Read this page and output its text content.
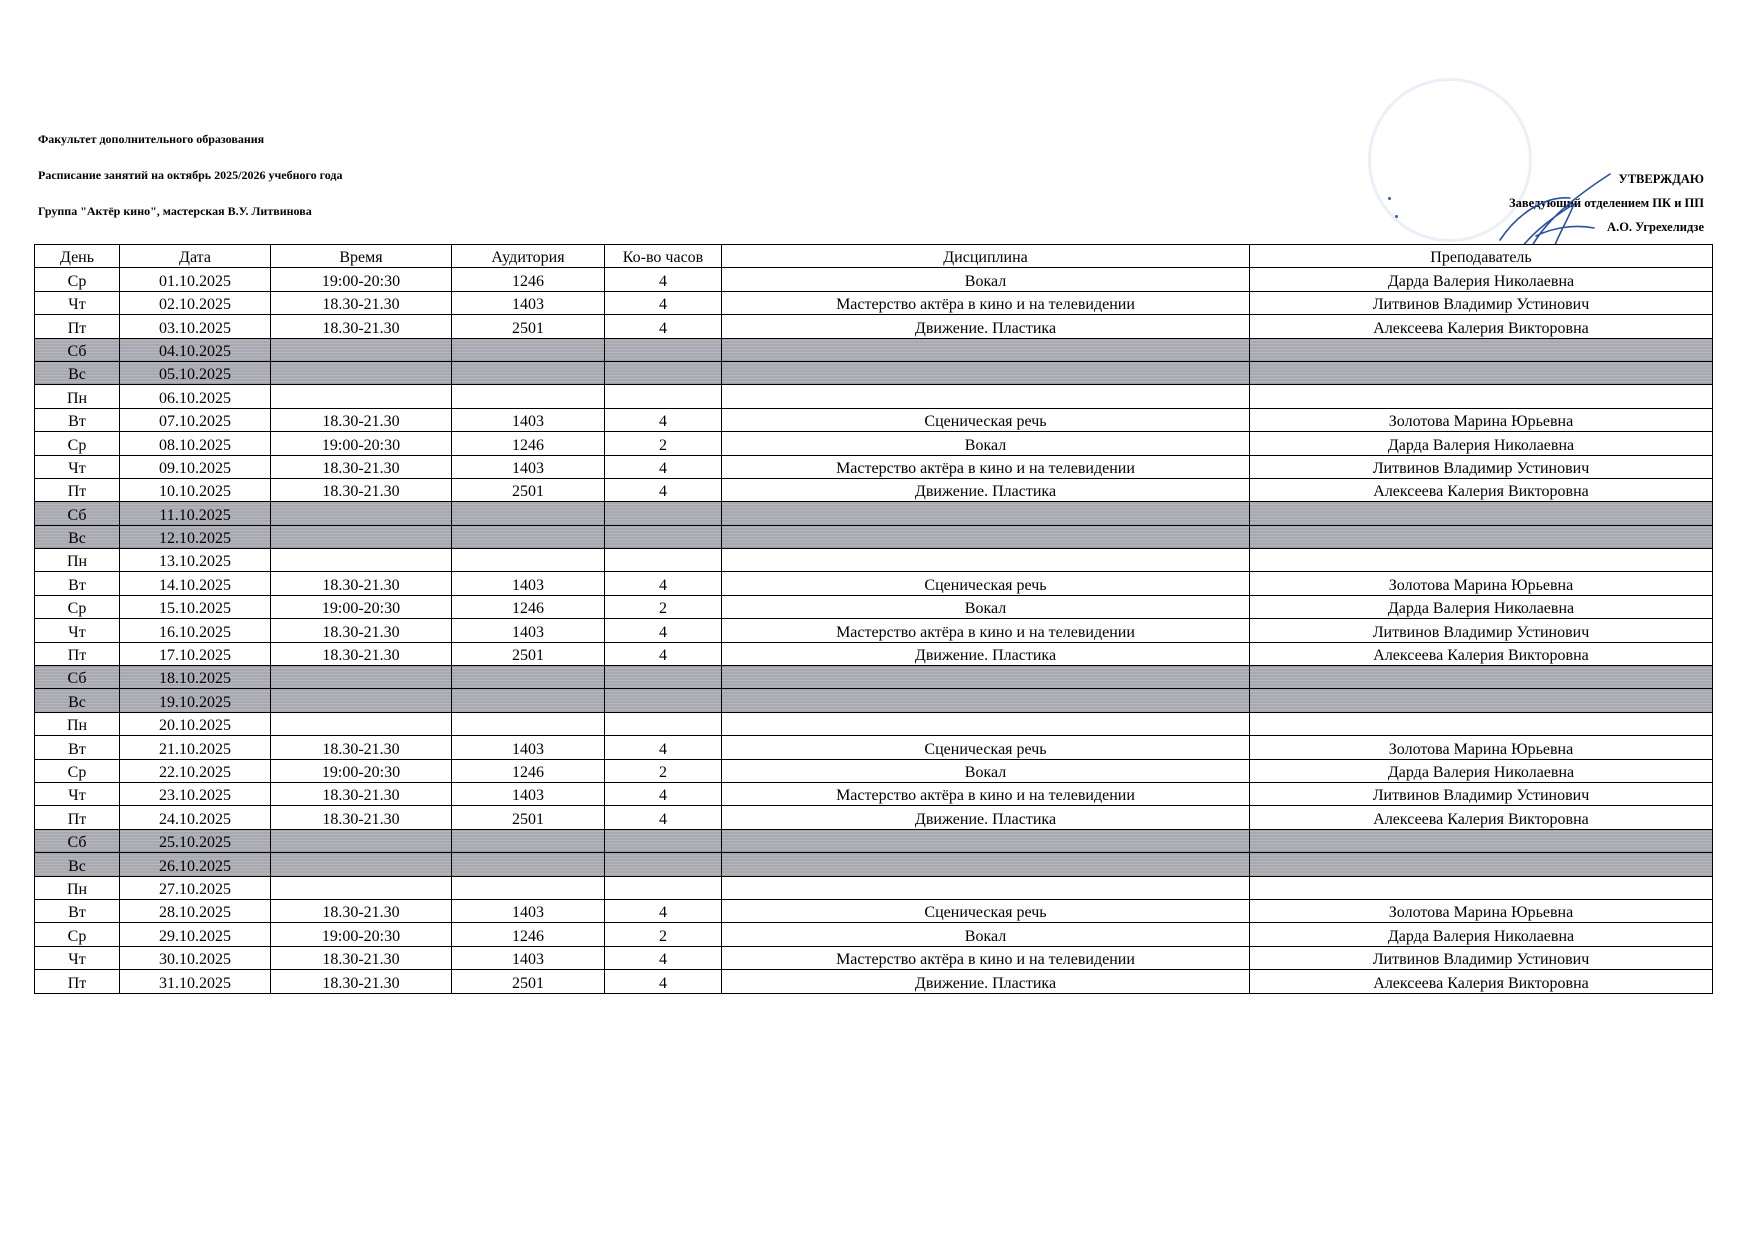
Факультет дополнительного образования
Расписание занятий на октябрь 2025/2026 учебного года
Группа "Актёр кино", мастерская В.У. Литвинова
УТВЕРЖДАЮ
Заведующий отделением ПК и ПП
А.О. Угрехелидзе
День	Дата	Время	Аудитория	Ко-во часов	Дисциплина	Преподаватель
Ср	01.10.2025	19:00-20:30	1246	4	Вокал	Дарда Валерия Николаевна
Чт	02.10.2025	18.30-21.30	1403	4	Мастерство актёра в кино и на телевидении	Литвинов Владимир Устинович
Пт	03.10.2025	18.30-21.30	2501	4	Движение. Пластика	Алексеева Калерия Викторовна
Сб	04.10.2025					
Вс	05.10.2025					
Пн	06.10.2025					
Вт	07.10.2025	18.30-21.30	1403	4	Сценическая речь	Золотова Марина Юрьевна
Ср	08.10.2025	19:00-20:30	1246	2	Вокал	Дарда Валерия Николаевна
Чт	09.10.2025	18.30-21.30	1403	4	Мастерство актёра в кино и на телевидении	Литвинов Владимир Устинович
Пт	10.10.2025	18.30-21.30	2501	4	Движение. Пластика	Алексеева Калерия Викторовна
Сб	11.10.2025					
Вс	12.10.2025					
Пн	13.10.2025					
Вт	14.10.2025	18.30-21.30	1403	4	Сценическая речь	Золотова Марина Юрьевна
Ср	15.10.2025	19:00-20:30	1246	2	Вокал	Дарда Валерия Николаевна
Чт	16.10.2025	18.30-21.30	1403	4	Мастерство актёра в кино и на телевидении	Литвинов Владимир Устинович
Пт	17.10.2025	18.30-21.30	2501	4	Движение. Пластика	Алексеева Калерия Викторовна
Сб	18.10.2025					
Вс	19.10.2025					
Пн	20.10.2025					
Вт	21.10.2025	18.30-21.30	1403	4	Сценическая речь	Золотова Марина Юрьевна
Ср	22.10.2025	19:00-20:30	1246	2	Вокал	Дарда Валерия Николаевна
Чт	23.10.2025	18.30-21.30	1403	4	Мастерство актёра в кино и на телевидении	Литвинов Владимир Устинович
Пт	24.10.2025	18.30-21.30	2501	4	Движение. Пластика	Алексеева Калерия Викторовна
Сб	25.10.2025					
Вс	26.10.2025					
Пн	27.10.2025					
Вт	28.10.2025	18.30-21.30	1403	4	Сценическая речь	Золотова Марина Юрьевна
Ср	29.10.2025	19:00-20:30	1246	2	Вокал	Дарда Валерия Николаевна
Чт	30.10.2025	18.30-21.30	1403	4	Мастерство актёра в кино и на телевидении	Литвинов Владимир Устинович
Пт	31.10.2025	18.30-21.30	2501	4	Движение. Пластика	Алексеева Калерия Викторовна
